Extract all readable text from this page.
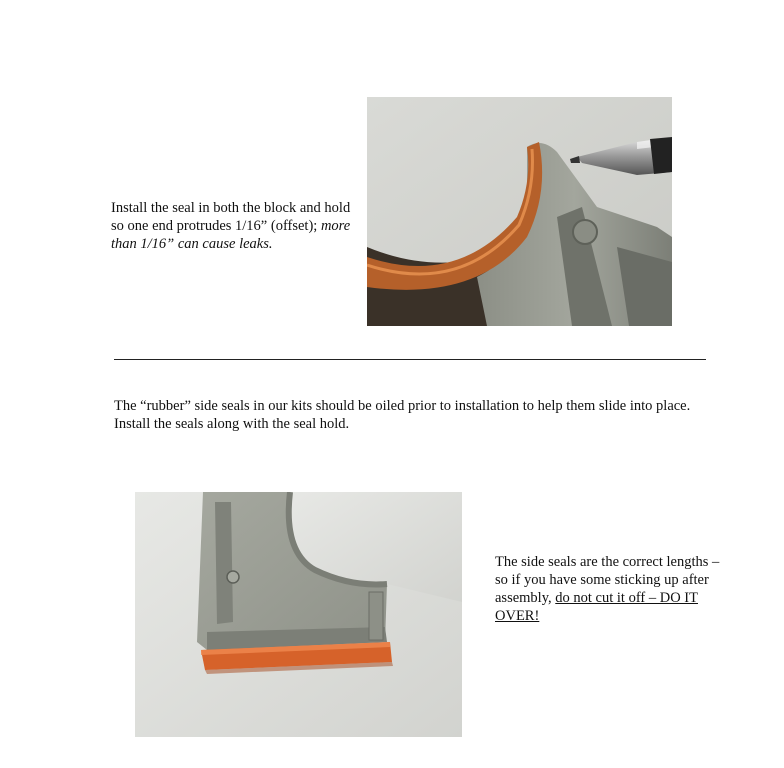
Install the seal in both the block and hold so one end protrudes 1/16” (offset); more than 1/16” can cause leaks.
The “rubber” side seals in our kits should be oiled prior to installation to help them slide into place. Install the seals along with the seal hold.
The side seals are the correct lengths – so if you have some sticking up after assembly, do not cut it off – DO IT OVER!
